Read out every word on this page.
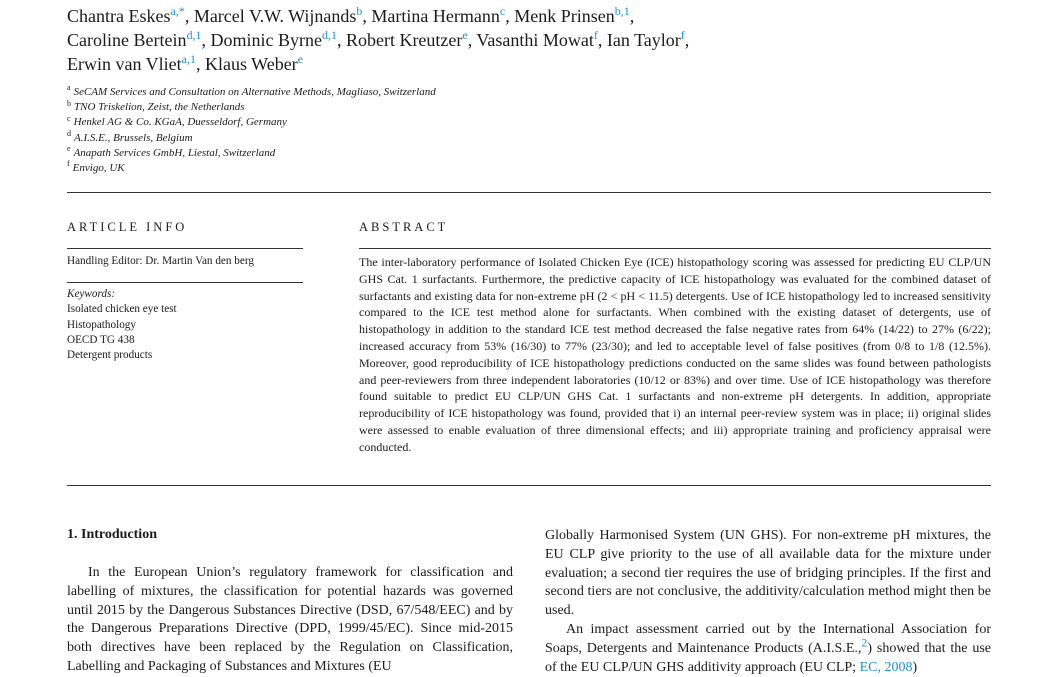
Chantra Eskes$^{a,*}$, Marcel V.W. Wijnands$^b$, Martina Hermann$^c$, Menk Prinsen$^{b,1}$,
Caroline Bertein$^{d,1}$, Dominic Byrne$^{d,1}$, Robert Kreutzer$^e$, Vasanthi Mowat$^f$, Ian Taylor$^f$,
Erwin van Vliet$^{a,1}$, Klaus Weber$^e$
$^a$ SeCAM Services and Consultation on Alternative Methods, Magliaso, Switzerland
$^b$ TNO Triskelion, Zeist, the Netherlands
$^c$ Henkel AG & Co. KGaA, Duesseldorf, Germany
$^d$ A.I.S.E., Brussels, Belgium
$^e$ Anapath Services GmbH, Liestal, Switzerland
$^f$ Envigo, UK
ARTICLE INFO
Handling Editor: Dr. Martin Van den berg
Keywords:
Isolated chicken eye test
Histopathology
OECD TG 438
Detergent products
ABSTRACT
The inter-laboratory performance of Isolated Chicken Eye (ICE) histopathology scoring was assessed for predicting EU CLP/UN GHS Cat. 1 surfactants. Furthermore, the predictive capacity of ICE histopathology was evaluated for the combined dataset of surfactants and existing data for non-extreme pH (2 < pH < 11.5) detergents. Use of ICE histopathology led to increased sensitivity compared to the ICE test method alone for surfactants. When combined with the existing dataset of detergents, use of histopathology in addition to the standard ICE test method decreased the false negative rates from 64% (14/22) to 27% (6/22); increased accuracy from 53% (16/30) to 77% (23/30); and led to acceptable level of false positives (from 0/8 to 1/8 (12.5%). Moreover, good reproducibility of ICE histopathology predictions conducted on the same slides was found between pathologists and peer-reviewers from three independent laboratories (10/12 or 83%) and over time. Use of ICE histopathology was therefore found suitable to predict EU CLP/UN GHS Cat. 1 surfactants and non-extreme pH detergents. In addition, appropriate reproducibility of ICE histopathology was found, provided that i) an internal peer-review system was in place; ii) original slides were assessed to enable evaluation of three dimensional effects; and iii) appropriate training and proficiency appraisal were conducted.
1. Introduction

In the European Union’s regulatory framework for classification and labelling of mixtures, the classification for potential hazards was governed until 2015 by the Dangerous Substances Directive (DSD, 67/548/EEC) and by the Dangerous Preparations Directive (DPD, 1999/45/EC). Since mid-2015 both directives have been replaced by the Regulation on Classification, Labelling and Packaging of Substances and Mixtures (EU

Globally Harmonised System (UN GHS). For non-extreme pH mixtures, the EU CLP give priority to the use of all available data for the mixture under evaluation; a second tier requires the use of bridging principles. If the first and second tiers are not conclusive, the additivity/calculation method might then be used.

An impact assessment carried out by the International Association for Soaps, Detergents and Maintenance Products (A.I.S.E.,2) showed that the use of the EU CLP/UN GHS additivity approach (EU CLP; EC, 2008)
